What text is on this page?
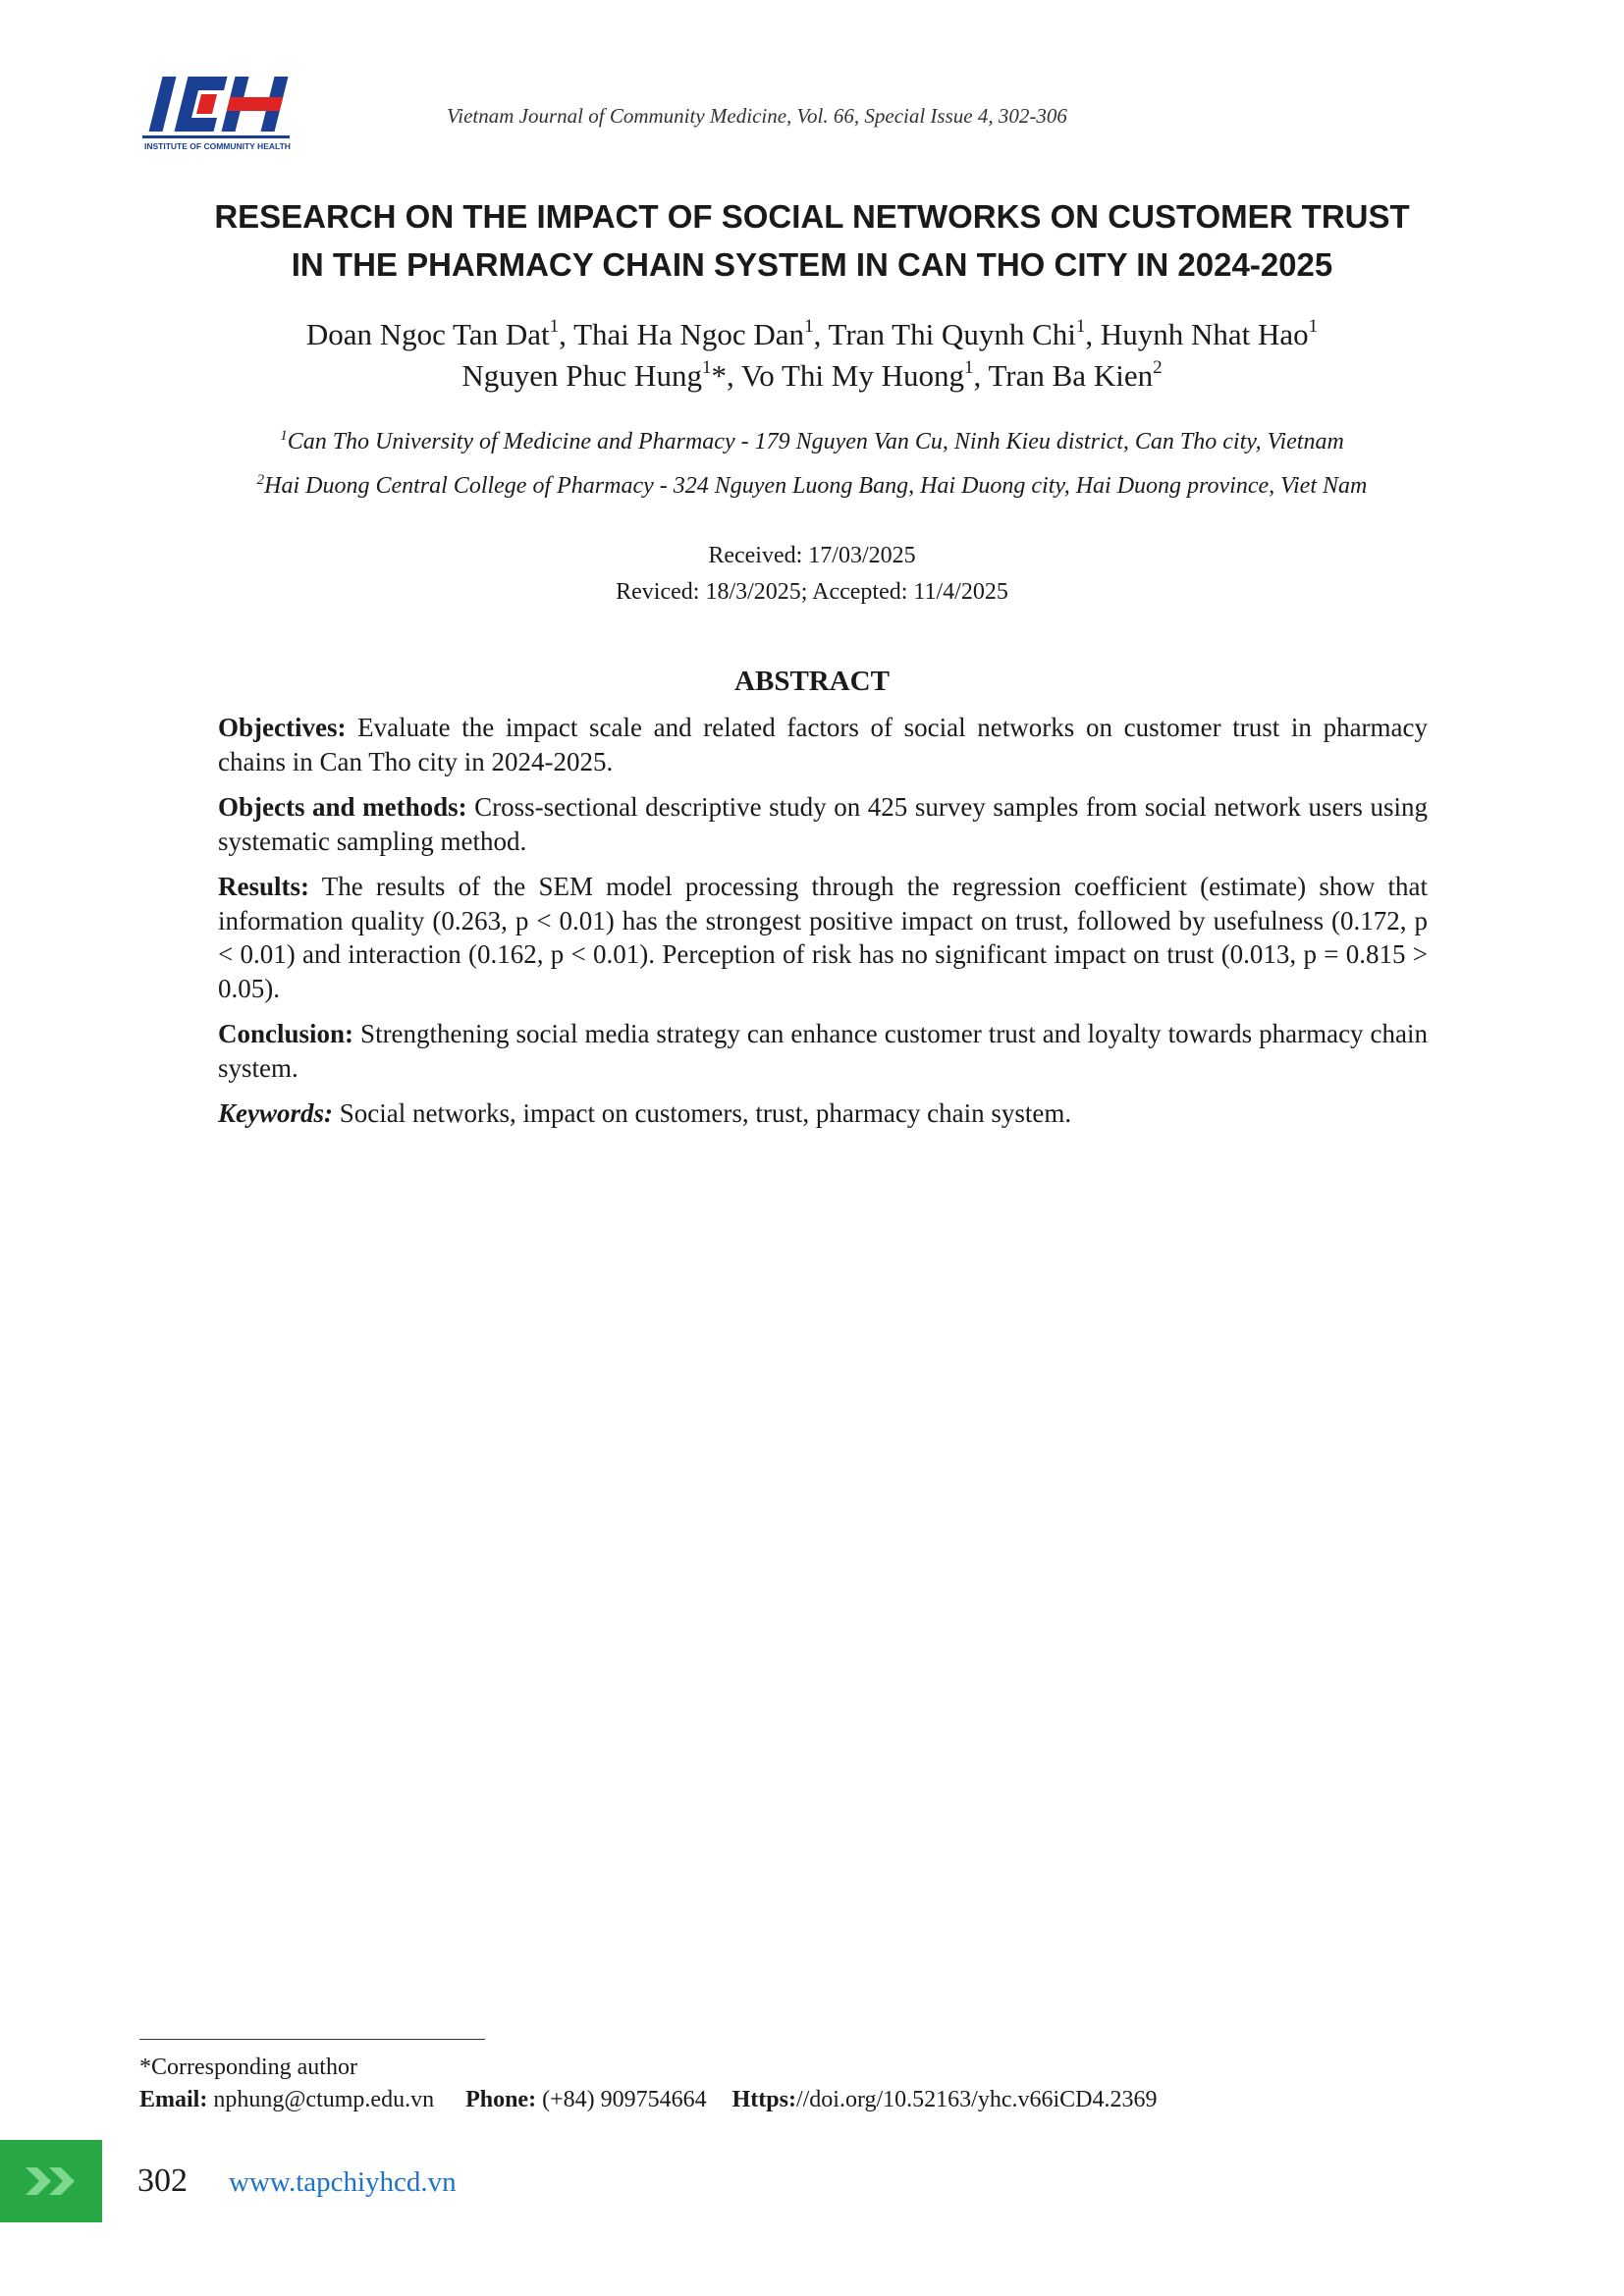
INSTITUTE OF COMMUNITY HEALTH
Vietnam Journal of Community Medicine, Vol. 66, Special Issue 4, 302-306
RESEARCH ON THE IMPACT OF SOCIAL NETWORKS ON CUSTOMER TRUST
IN THE PHARMACY CHAIN SYSTEM IN CAN THO CITY IN 2024-2025
Doan Ngoc Tan Dat$^1$, Thai Ha Ngoc Dan$^1$, Tran Thi Quynh Chi$^1$, Huynh Nhat Hao$^1$
Nguyen Phuc Hung$^1$*, Vo Thi My Huong$^1$, Tran Ba Kien$^2$
$^1$Can Tho University of Medicine and Pharmacy - 179 Nguyen Van Cu, Ninh Kieu district, Can Tho city, Vietnam
$^2$Hai Duong Central College of Pharmacy - 324 Nguyen Luong Bang, Hai Duong city, Hai Duong province, Viet Nam
Received: 17/03/2025
Reviced: 18/3/2025; Accepted: 11/4/2025
ABSTRACT

Objectives: Evaluate the impact scale and related factors of social networks on customer trust in pharmacy chains in Can Tho city in 2024-2025.

Objects and methods: Cross-sectional descriptive study on 425 survey samples from social network users using systematic sampling method.

Results: The results of the SEM model processing through the regression coefficient (estimate) show that information quality (0.263, p < 0.01) has the strongest positive impact on trust, followed by usefulness (0.172, p < 0.01) and interaction (0.162, p < 0.01). Perception of risk has no significant impact on trust (0.013, p = 0.815 > 0.05).

Conclusion: Strengthening social media strategy can enhance customer trust and loyalty towards pharmacy chain system.

Keywords: Social networks, impact on customers, trust, pharmacy chain system.

*Corresponding author
Email: nphung@ctump.edu.vn Phone: (+84) 909754664 Https://doi.org/10.52163/yhc.v66iCD4.2369
302 www.tapchiyhcd.vn
